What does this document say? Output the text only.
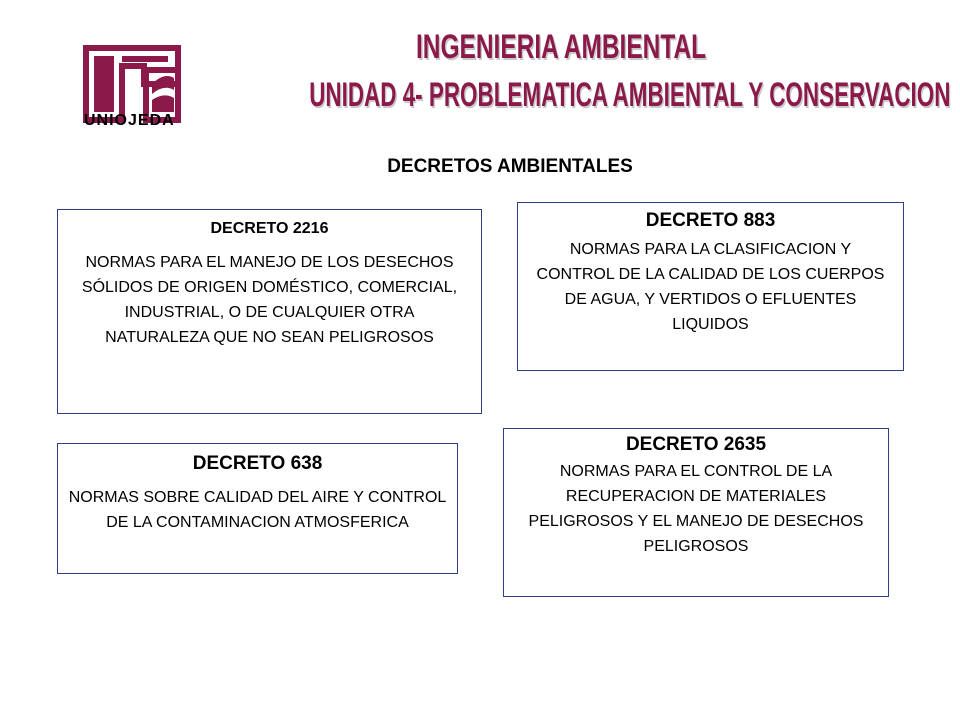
UNIOJEDA
INGENIERIA AMBIENTAL
UNIDAD 4- PROBLEMATICA AMBIENTAL Y CONSERVACION
DECRETOS AMBIENTALES
DECRETO 2216
NORMAS PARA EL MANEJO DE LOS DESECHOS SÓLIDOS DE ORIGEN DOMÉSTICO, COMERCIAL, INDUSTRIAL, O DE CUALQUIER OTRA NATURALEZA QUE NO SEAN PELIGROSOS
DECRETO 883
NORMAS PARA LA CLASIFICACION Y CONTROL DE LA CALIDAD DE LOS CUERPOS DE AGUA, Y VERTIDOS O EFLUENTES LIQUIDOS
DECRETO 638
NORMAS SOBRE CALIDAD DEL AIRE Y CONTROL DE LA CONTAMINACION ATMOSFERICA
DECRETO 2635
NORMAS PARA EL CONTROL DE LA RECUPERACION DE MATERIALES PELIGROSOS Y EL MANEJO DE DESECHOS PELIGROSOS
